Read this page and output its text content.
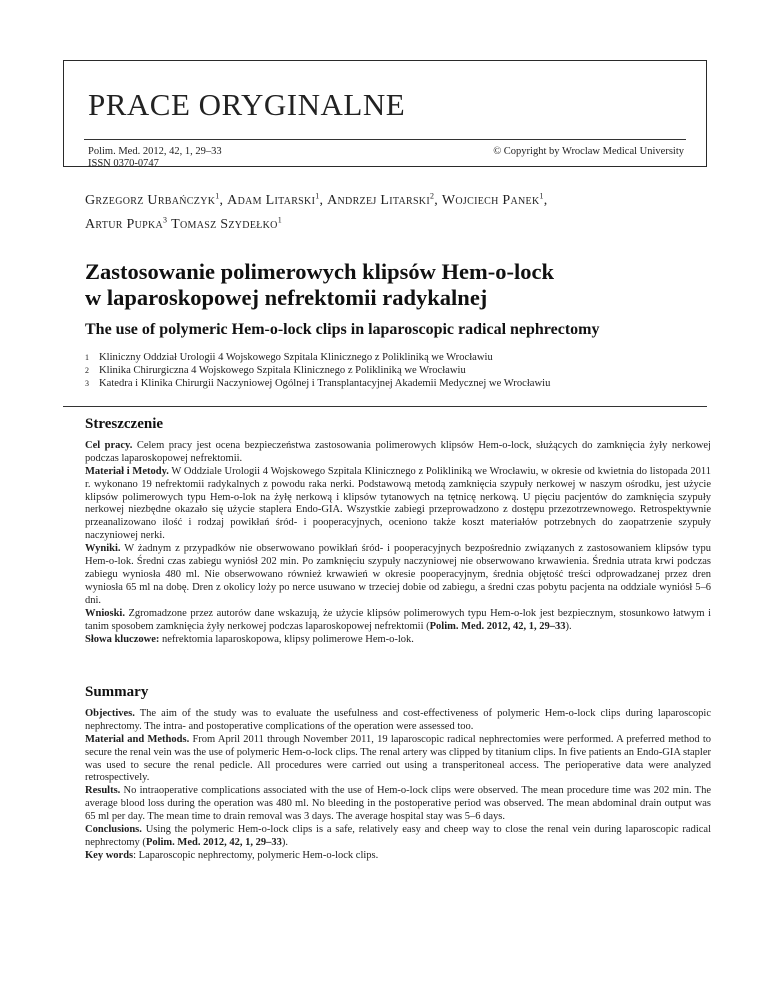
PRACE ORYGINALNE
Polim. Med. 2012, 42, 1, 29–33
ISSN 0370-0747
© Copyright by Wroclaw Medical University
Grzegorz Urbańczyk$^1$, Adam Litarski$^1$, Andrzej Litarski$^2$, Wojciech Panek$^1$,
Artur Pupka$^3$ Tomasz Szydełko$^1$
Zastosowanie polimerowych klipsów Hem-o-lock
w laparoskopowej nefrektomii radykalnej
The use of polymeric Hem-o-lock clips in laparoscopic radical nephrectomy
1 Kliniczny Oddział Urologii 4 Wojskowego Szpitala Klinicznego z Polikliniką we Wrocławiu
2 Klinika Chirurgiczna 4 Wojskowego Szpitala Klinicznego z Polikliniką we Wrocławiu
3 Katedra i Klinika Chirurgii Naczyniowej Ogólnej i Transplantacyjnej Akademii Medycznej we Wrocławiu
Streszczenie

Cel pracy. Celem pracy jest ocena bezpieczeństwa zastosowania polimerowych klipsów Hem-o-lock, służących do zamknięcia żyły nerkowej podczas laparoskopowej nefrektomii.

Materiał i Metody. W Oddziale Urologii 4 Wojskowego Szpitala Klinicznego z Polikliniką we Wrocławiu, w okresie od kwietnia do listopada 2011 r. wykonano 19 nefrektomii radykalnych z powodu raka nerki. Podstawową metodą zamknięcia szypuły nerkowej w naszym ośrodku, jest użycie klipsów polimerowych typu Hem-o-lok na żyłę nerkową i klipsów tytanowych na tętnicę nerkową. U pięciu pacjentów do zamknięcia szypuły nerkowej niezbędne okazało się użycie staplera Endo-GIA. Wszystkie zabiegi przeprowadzono z dostępu przezotrzewnowego. Retrospektywnie przeanalizowano ilość i rodzaj powikłań śród- i pooperacyjnych, oceniono także koszt materiałów potrzebnych do zaopatrzenie szypuły naczyniowej nerki.

Wyniki. W żadnym z przypadków nie obserwowano powikłań śród- i pooperacyjnych bezpośrednio związanych z zastosowaniem klipsów typu Hem-o-lok. Średni czas zabiegu wyniósł 202 min. Po zamknięciu szypuły naczyniowej nie obserwowano krwawienia. Średnia utrata krwi podczas zabiegu wyniosła 480 ml. Nie obserwowano również krwawień w okresie pooperacyjnym, średnia objętość treści odprowadzanej przez dren wyniosła 65 ml na dobę. Dren z okolicy loży po nerce usuwano w trzeciej dobie od zabiegu, a średni czas pobytu pacjenta na oddziale wyniósł 5–6 dni.

Wnioski. Zgromadzone przez autorów dane wskazują, że użycie klipsów polimerowych typu Hem-o-lok jest bezpiecznym, stosunkowo łatwym i tanim sposobem zamknięcia żyły nerkowej podczas laparoskopowej nefrektomii (Polim. Med. 2012, 42, 1, 29–33).

Słowa kluczowe: nefrektomia laparoskopowa, klipsy polimerowe Hem-o-lok.

Summary

Objectives. The aim of the study was to evaluate the usefulness and cost-effectiveness of polymeric Hem-o-lock clips during laparoscopic nephrectomy. The intra- and postoperative complications of the operation were assessed too.

Material and Methods. From April 2011 through November 2011, 19 laparoscopic radical nephrectomies were performed. A preferred method to secure the renal vein was the use of polymeric Hem-o-lock clips. The renal artery was clipped by titanium clips. In five patients an Endo-GIA stapler was used to secure the renal pedicle. All procedures were carried out using a transperitoneal access. The perioperative data were analyzed retrospectively.

Results. No intraoperative complications associated with the use of Hem-o-lock clips were observed. The mean procedure time was 202 min. The average blood loss during the operation was 480 ml. No bleeding in the postoperative period was observed. The mean abdominal drain output was 65 ml per day. The mean time to drain removal was 3 days. The average hospital stay was 5–6 days.

Conclusions. Using the polymeric Hem-o-lock clips is a safe, relatively easy and cheep way to close the renal vein during laparoscopic radical nephrectomy (Polim. Med. 2012, 42, 1, 29–33).

Key words: Laparoscopic nephrectomy, polymeric Hem-o-lock clips.
